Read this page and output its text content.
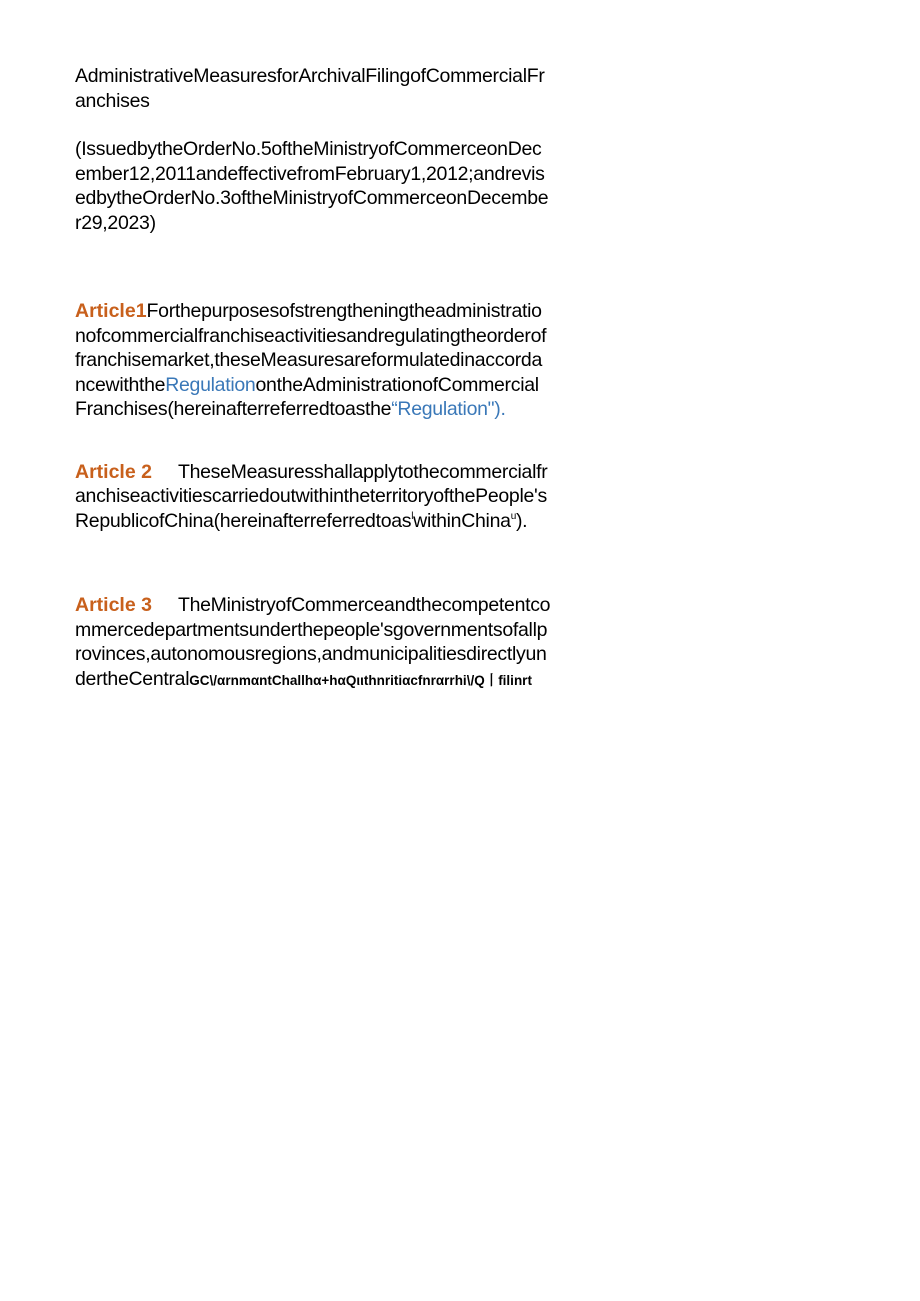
AdministrativeMeasuresforArchivalFilingofCommercialFr
anchises
(IssuedbytheOrderNo.5oftheMinistryofCommerceonDec
ember12,2011andeffectivefromFebruary1,2012;andrevis
edbytheOrderNo.3oftheMinistryofCommerceonDecembe
r29,2023)
Article1Forthepurposesofstrengtheningtheadministratio
nofcommercialfranchiseactivitiesandregulatingtheorderof
franchisemarket,theseMeasuresareformulatedinaccorda
ncewiththeRegulationontheAdministrationofCommercial
Franchises(hereinafterreferredtoasthe“Regulation").
Article 2 TheseMeasuresshallapplytothecommercialfr
anchiseactivitiescarriedoutwithintheterritoryofthePeople's
RepublicofChina(hereinafterreferredtoas$^l$withinChina$^u$).
Article 3 TheMinistryofCommerceandthecompetentco
mmercedepartmentsunderthepeople'sgovernmentsofallp
rovinces,autonomousregions,andmunicipalitiesdirectlyun
dertheCentralGC\/αrnmαntChallhα+hαQιιthnritiαcfnrαrrhi\/Q丨filinrt
